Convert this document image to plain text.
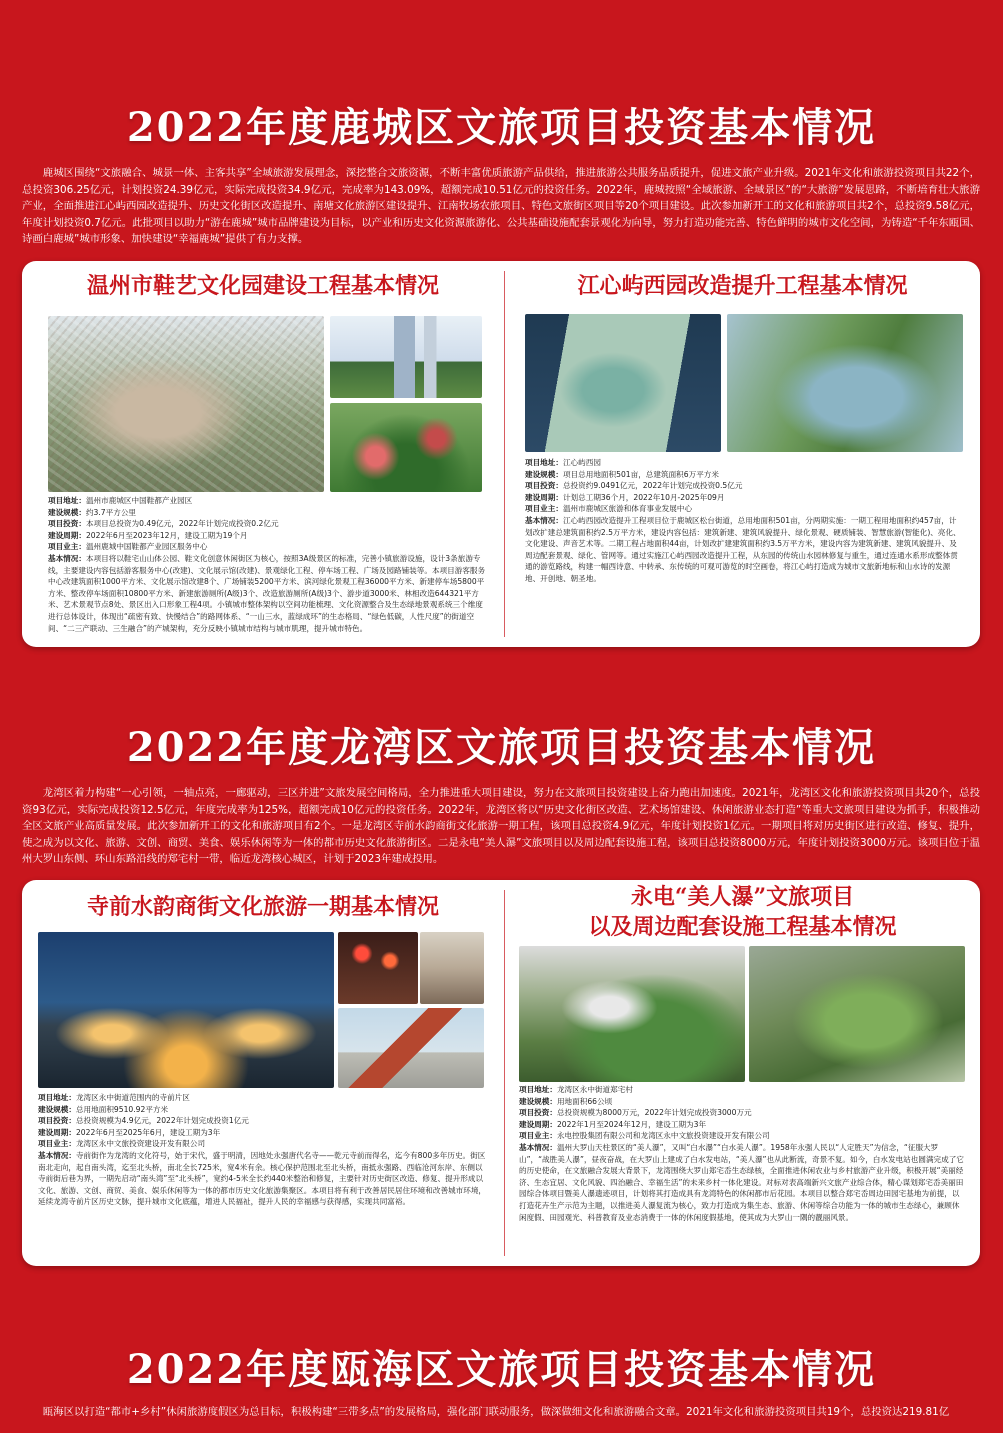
2022年度鹿城区文旅项目投资基本情况
鹿城区围绕“文旅融合、城景一体、主客共享”全域旅游发展理念，深挖整合文旅资源，不断丰富优质旅游产品供给，推进旅游公共服务品质提升，促进文旅产业升级。2021年文化和旅游投资项目共22个，总投资306.25亿元，计划投资24.39亿元，实际完成投资34.9亿元，完成率为143.09%，超额完成10.51亿元的投资任务。2022年，鹿城按照“全域旅游、全域景区”的“大旅游”发展思路，不断培育壮大旅游产业，全面推进江心屿西园改造提升、历史文化街区改造提升、南塘文化旅游区建设提升、江南牧场农旅项目、特色文旅街区项目等20个项目建设。此次参加新开工的文化和旅游项目共2个，总投资9.58亿元，年度计划投资0.7亿元。此批项目以助力“游在鹿城”城市品牌建设为目标，以产业和历史文化资源旅游化、公共基础设施配套景观化为向导，努力打造功能完善、特色鲜明的城市文化空间，为铸造“千年东瓯国、诗画白鹿城”城市形象、加快建设“幸福鹿城”提供了有力支撑。
温州市鞋艺文化园建设工程基本情况

项目地址：温州市鹿城区中国鞋都产业园区

建设规模：约3.7平方公里

项目投资：本项目总投资为0.49亿元，2022年计划完成投资0.2亿元

建设周期：2022年6月至2023年12月，建设工期为19个月

项目业主：温州鹿城中国鞋都产业园区服务中心

基本情况：本项目将以鞋宅山山体公园、鞋文化创意休闲街区为核心，按照3A级景区的标准，完善小镇旅游设施，设计3条旅游专线，主要建设内容包括游客服务中心(改建)、文化展示馆(改建)、景观绿化工程、停车场工程、广场及园路铺装等。本项目游客服务中心改建筑面积1000平方米、文化展示馆改建8个、广场铺装5200平方米、滨河绿化景观工程36000平方米、新建停车场5800平方米、整改停车场面积10800平方米、新建旅游厕所(A级)3个、改造旅游厕所(A级)3个、游步道3000米、林相改造644321平方米、艺术景观节点8处、景区出入口形象工程4项。小镇城市整体架构以空间功能梳理、文化资源整合及生态绿地景观系统三个维度进行总体设计，体现出“疏密有致、快慢结合”的路网体系、“一山三水，蓝绿成环”的生态格局、“绿色低碳，人性尺度”的街道空间、“二三产联动、三生融合”的产城架构，充分反映小镇城市结构与城市肌理，提升城市特色。

江心屿西园改造提升工程基本情况

项目地址：江心屿西园

建设规模：项目总用地面积501亩，总建筑面积6万平方米

项目投资：总投资约9.0491亿元，2022年计划完成投资0.5亿元

建设周期：计划总工期36个月，2022年10月-2025年09月

项目业主：温州市鹿城区旅游和体育事业发展中心

基本情况：江心屿西园改造提升工程项目位于鹿城区松台街道，总用地面积501亩，分两期实施：一期工程用地面积约457亩，计划改扩建总建筑面积约2.5万平方米，建设内容包括：建筑新建、建筑风貌提升、绿化景观、硬质铺装、智慧旅游(智能化)、亮化、文化建设、声音艺术等。二期工程占地面积44亩，计划改扩建建筑面积约3.5万平方米，建设内容为建筑新建、建筑风貌提升、及周边配套景观、绿化、管网等。通过实施江心屿西园改造提升工程，从东园的传统山水园林修复与重生，通过连通水系形成整体贯通的游览路线，构建一幅西诗意、中转承、东传统的可观可游览的时空画卷，将江心屿打造成为城市文旅新地标和山水诗的发源地、开创地、朝圣地。

2022年度龙湾区文旅项目投资基本情况
龙湾区着力构建“一心引领，一轴点亮，一廊驱动，三区并进”文旅发展空间格局，全力推进重大项目建设，努力在文旅项目投资建设上奋力跑出加速度。2021年，龙湾区文化和旅游投资项目共20个，总投资93亿元，实际完成投资12.5亿元，年度完成率为125%，超额完成10亿元的投资任务。2022年，龙湾区将以“历史文化街区改造、艺术场馆建设、休闲旅游业态打造”等重大文旅项目建设为抓手，积极推动全区文旅产业高质量发展。此次参加新开工的文化和旅游项目有2个。一是龙湾区寺前水韵商街文化旅游一期工程，该项目总投资4.9亿元，年度计划投资1亿元。一期项目将对历史街区进行改造、修复、提升，使之成为以文化、旅游、文创、商贸、美食、娱乐休闲等为一体的都市历史文化旅游街区。二是永电“美人瀑”文旅项目以及周边配套设施工程，该项目总投资8000万元，年度计划投资3000万元。该项目位于温州大罗山东侧、环山东路沿线的郑宅村一带，临近龙湾核心城区，计划于2023年建成投用。
寺前水韵商街文化旅游一期基本情况

项目地址：龙湾区永中街道范围内的寺前片区

建设规模：总用地面积9510.92平方米

项目投资：总投资规模为4.9亿元，2022年计划完成投资1亿元

建设周期：2022年6月至2025年6月，建设工期为3年

项目业主：龙湾区永中文旅投资建设开发有限公司

基本情况：寺前街作为龙湾的文化符号，始于宋代，盛于明清，因地处永强唐代名寺——乾元寺前而得名，迄今有800多年历史。街区南北走向，起自南头湾，迄至北头桥，南北全长725米，宽4米有余。核心保护范围北至北头桥，南抵永强路、西临沧河东岸、东侧以寺前街后巷为界，一期先启动“南头湾”至“北头桥”，宽约4-5米全长约440米整治和修复，主要针对历史街区改造、修复、提升形成以文化、旅游、文创、商贸、美食、娱乐休闲等为一体的都市历史文化旅游集聚区。本项目将有利于改善居民居住环境和改善城市环境，延续龙湾寺前片区历史文脉，提升城市文化底蕴，增进人民福祉，提升人民的幸福感与获得感，实现共同富裕。

永电“美人瀑”文旅项目
以及周边配套设施工程基本情况

项目地址：龙湾区永中街道郑宅村

建设规模：用地面积66公顷

项目投资：总投资规模为8000万元，2022年计划完成投资3000万元

建设周期：2022年1月至2024年12月，建设工期为3年

项目业主：永电控股集团有限公司和龙湾区永中文旅投资建设开发有限公司

基本情况：温州大罗山天柱景区的“美人瀑”，又叫“白水瀑”“白水美人瀑”。1958年永强人民以“人定胜天”为信念，“征服大罗山”，“战胜美人瀑”，昼夜奋战，在大罗山上建成了白水发电站，“美人瀑”也从此断流，奇景不复。如今，白水发电站也圆满完成了它的历史使命，在文旅融合发展大背景下，龙湾围绕大罗山郑宅岙生态绿核，全面推进休闲农业与乡村旅游产业升级，积极开展“美丽经济、生态宜居、文化风貌、四治融合、幸福生活”的未来乡村一体化建设。对标对表高端新兴文旅产业综合体，精心谋划郑宅岙美丽田园综合体项目暨美人瀑遗迹项目，计划将其打造成具有龙湾特色的休闲都市后花园。本项目以整合郑宅岙周边田园宅基地为前提，以打造花卉生产示范为主题，以推进美人瀑复流为核心，致力打造成为集生态、旅游、休闲等综合功能为一体的城市生态绿心，兼顾休闲度假、田园观光、科普教育及业态消费于一体的休闲度假基地，使其成为大罗山一隅的靓丽风景。

2022年度瓯海区文旅项目投资基本情况
瓯海区以打造“都市+乡村”休闲旅游度假区为总目标，积极构建“三带多点”的发展格局，强化部门联动服务，做深做细文化和旅游融合文章。2021年文化和旅游投资项目共19个，总投资达219.81亿
